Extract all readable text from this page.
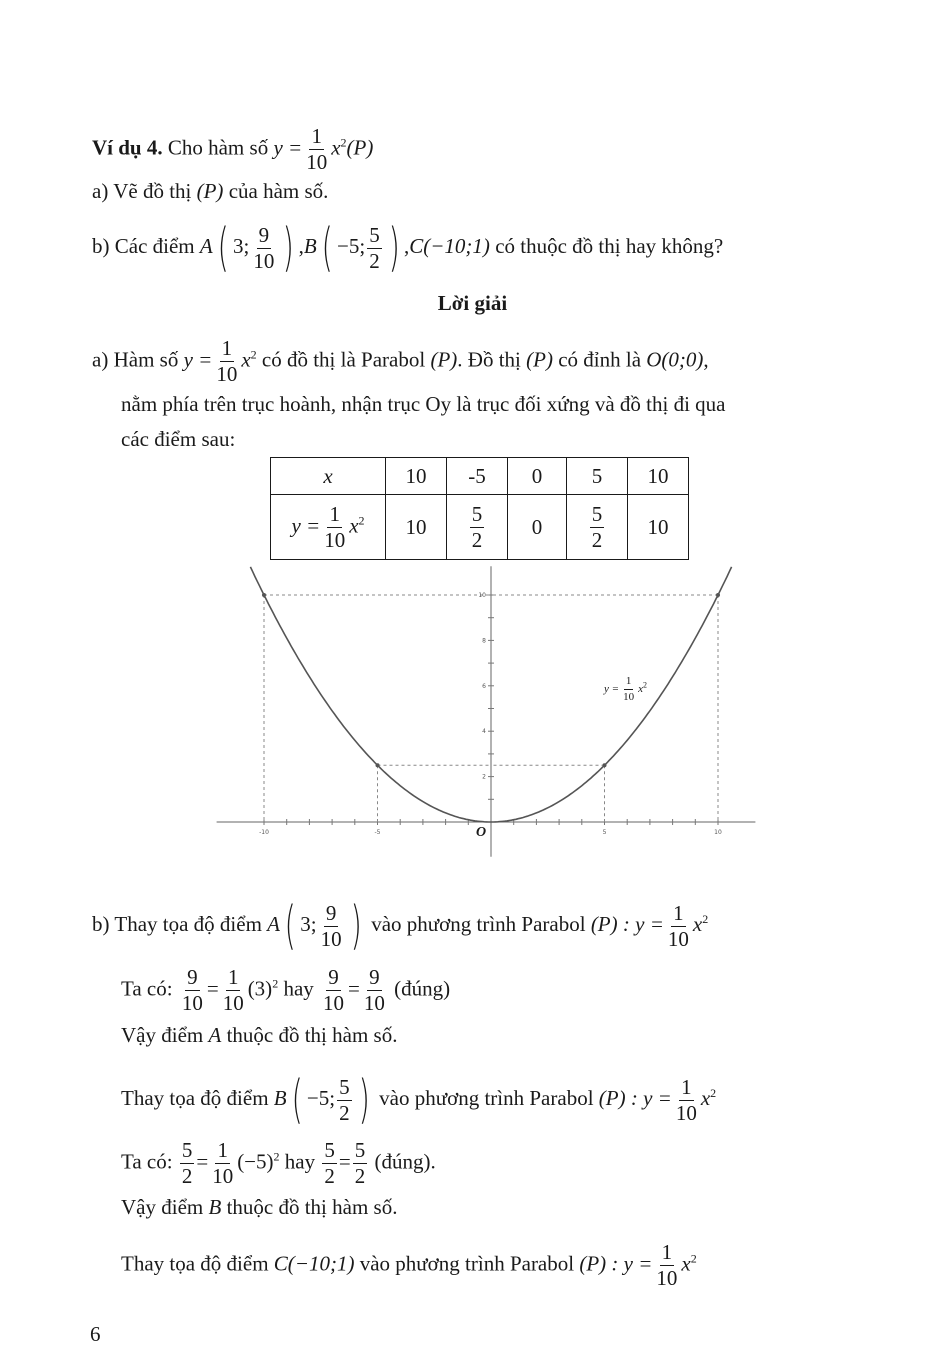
Ví dụ 4. Cho hàm số $y = \frac{1}{10} x^2(P)$
a) Vẽ đồ thị (P) của hàm số.
b) Các điểm A( 3; $\frac{9}{10}$ ) ,B( −5; $\frac{5}{2}$ ) ,C(−10;1) có thuộc đồ thị hay không?
Lời giải
a) Hàm số $y = \frac{1}{10} x^2$ có đồ thị là Parabol (P). Đồ thị (P) có đỉnh là O(0;0),
nằm phía trên trục hoành, nhận trục Oy là trục đối xứng và đồ thị đi qua
các điểm sau:
x	10	-5	0	5	10
$y = \frac{1}{10} x^2$	10	$\frac{5}{2}$	0	$\frac{5}{2}$	10
-10	-5	5	10
2
4
6
8
10
$y = \frac{1}{10} x^2$
O
b) Thay tọa độ điểm A( 3; $\frac{9}{10}$ ) vào phương trình Parabol (P) : $y = \frac{1}{10} x^2$
Ta có: $\frac{9}{10} = \frac{1}{10} (3)^2$ hay $\frac{9}{10} = \frac{9}{10}$ (đúng)
Vậy điểm A thuộc đồ thị hàm số.
Thay tọa độ điểm B( −5; $\frac{5}{2}$ ) vào phương trình Parabol (P) : $y = \frac{1}{10} x^2$
Ta có: $\frac{5}{2} = \frac{1}{10} (-5)^2$ hay $\frac{5}{2} = \frac{5}{2}$ (đúng).
Vậy điểm B thuộc đồ thị hàm số.
Thay tọa độ điểm C(−10;1) vào phương trình Parabol (P) : $y = \frac{1}{10} x^2$
6
